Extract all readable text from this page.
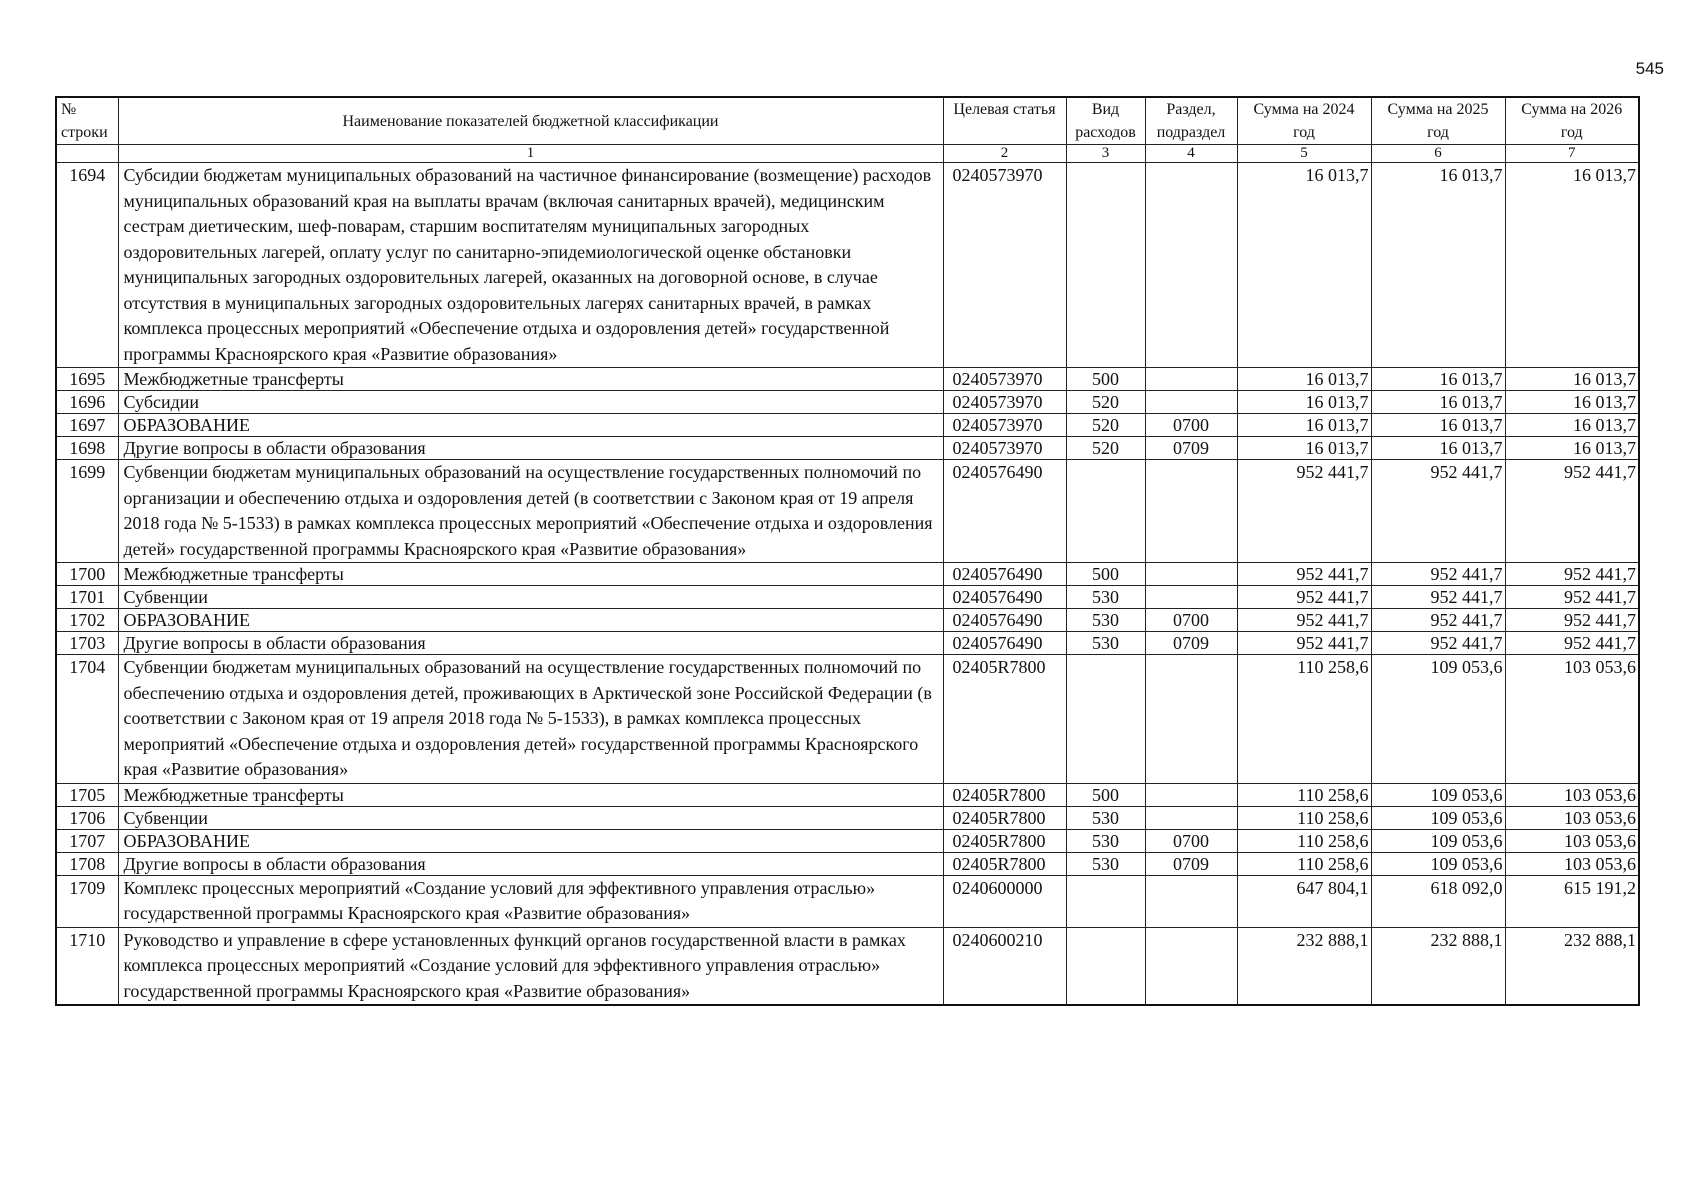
545
№ строки	Наименование показателей бюджетной классификации	Целевая статья	Вид расходов	Раздел, подраздел	Сумма на 2024 год	Сумма на 2025 год	Сумма на 2026 год
	1	2	3	4	5	6	7
1694	Субсидии бюджетам муниципальных образований на частичное финансирование (возмещение) расходов муниципальных образований края на выплаты врачам (включая санитарных врачей), медицинским сестрам диетическим, шеф-поварам, старшим воспитателям муниципальных загородных оздоровительных лагерей, оплату услуг по санитарно-эпидемиологической оценке обстановки муниципальных загородных оздоровительных лагерей, оказанных на договорной основе, в случае отсутствия в муниципальных загородных оздоровительных лагерях санитарных врачей, в рамках комплекса процессных мероприятий «Обеспечение отдыха и оздоровления детей» государственной программы Красноярского края «Развитие образования»	0240573970			16 013,7	16 013,7	16 013,7
1695	Межбюджетные трансферты	0240573970	500		16 013,7	16 013,7	16 013,7
1696	Субсидии	0240573970	520		16 013,7	16 013,7	16 013,7
1697	ОБРАЗОВАНИЕ	0240573970	520	0700	16 013,7	16 013,7	16 013,7
1698	Другие вопросы в области образования	0240573970	520	0709	16 013,7	16 013,7	16 013,7
1699	Субвенции бюджетам муниципальных образований на осуществление государственных полномочий по организации и обеспечению отдыха и оздоровления детей (в соответствии с Законом края от 19 апреля 2018 года № 5-1533) в рамках комплекса процессных мероприятий «Обеспечение отдыха и оздоровления детей» государственной программы Красноярского края «Развитие образования»	0240576490			952 441,7	952 441,7	952 441,7
1700	Межбюджетные трансферты	0240576490	500		952 441,7	952 441,7	952 441,7
1701	Субвенции	0240576490	530		952 441,7	952 441,7	952 441,7
1702	ОБРАЗОВАНИЕ	0240576490	530	0700	952 441,7	952 441,7	952 441,7
1703	Другие вопросы в области образования	0240576490	530	0709	952 441,7	952 441,7	952 441,7
1704	Субвенции бюджетам муниципальных образований на осуществление государственных полномочий по обеспечению отдыха и оздоровления детей, проживающих в Арктической зоне Российской Федерации (в соответствии с Законом края от 19 апреля 2018 года № 5-1533), в рамках комплекса процессных мероприятий «Обеспечение отдыха и оздоровления детей» государственной программы Красноярского края «Развитие образования»	02405R7800			110 258,6	109 053,6	103 053,6
1705	Межбюджетные трансферты	02405R7800	500		110 258,6	109 053,6	103 053,6
1706	Субвенции	02405R7800	530		110 258,6	109 053,6	103 053,6
1707	ОБРАЗОВАНИЕ	02405R7800	530	0700	110 258,6	109 053,6	103 053,6
1708	Другие вопросы в области образования	02405R7800	530	0709	110 258,6	109 053,6	103 053,6
1709	Комплекс процессных мероприятий «Создание условий для эффективного управления отраслью» государственной программы Красноярского края «Развитие образования»	0240600000			647 804,1	618 092,0	615 191,2
1710	Руководство и управление в сфере установленных функций органов государственной власти в рамках комплекса процессных мероприятий «Создание условий для эффективного управления отраслью» государственной программы Красноярского края «Развитие образования»	0240600210			232 888,1	232 888,1	232 888,1
